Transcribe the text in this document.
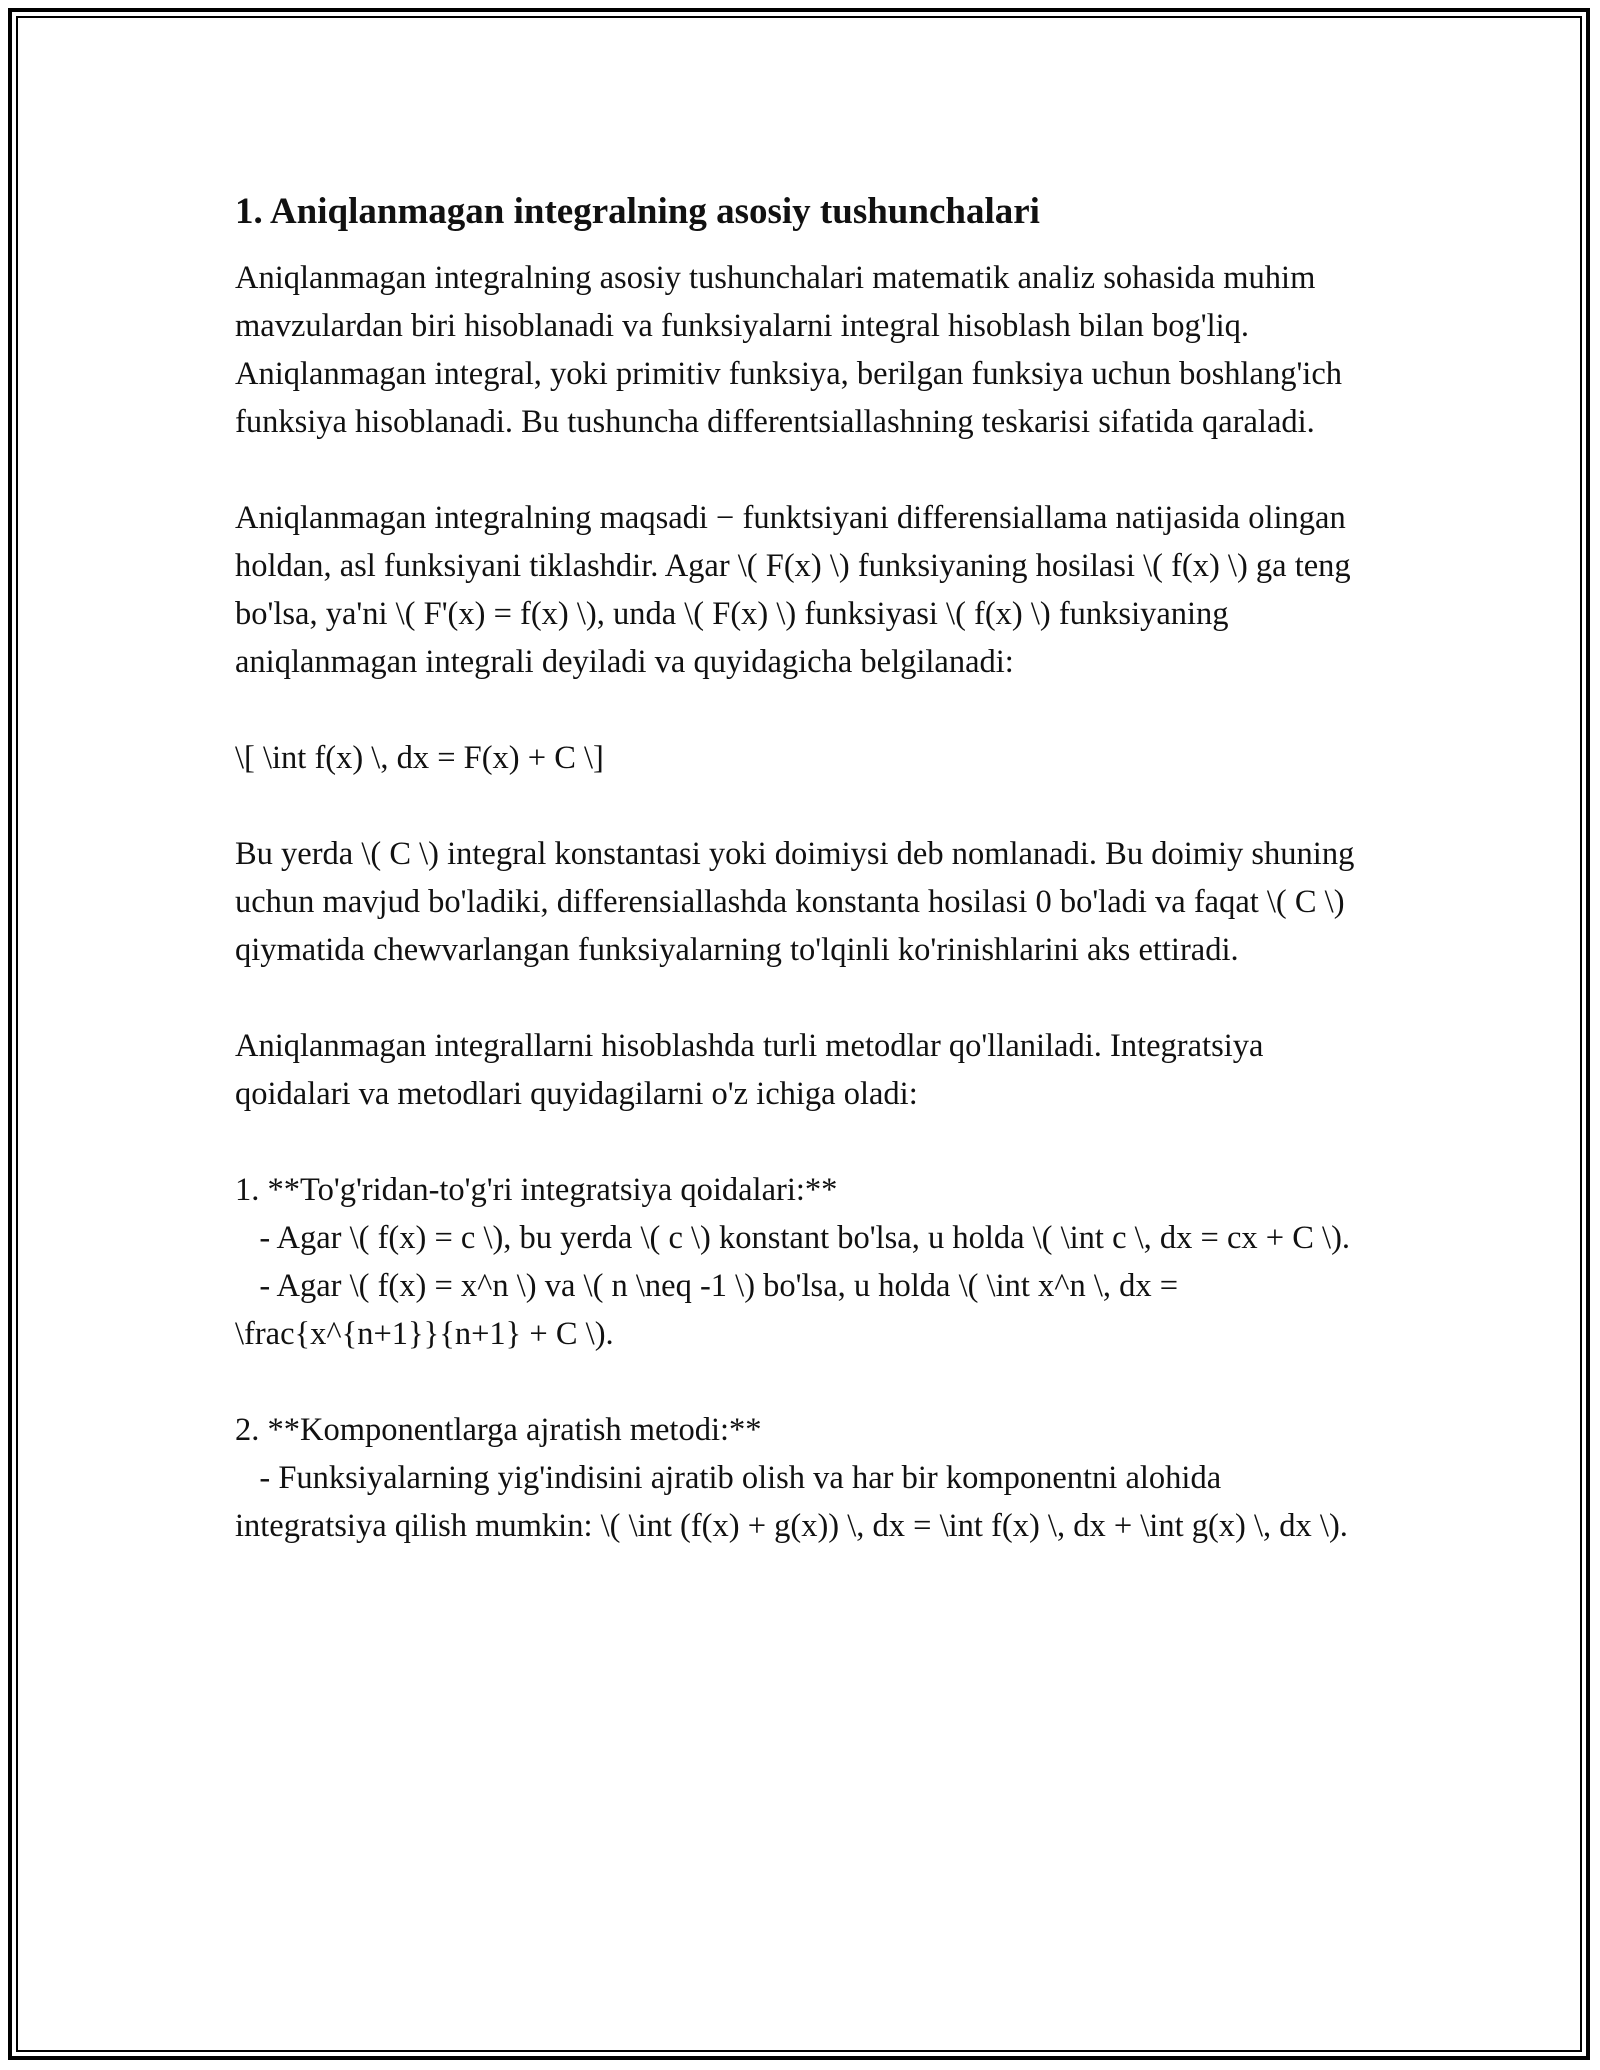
1. Aniqlanmagan integralning asosiy tushunchalari

Aniqlanmagan integralning asosiy tushunchalari matematik analiz sohasida muhim mavzulardan biri hisoblanadi va funksiyalarni integral hisoblash bilan bog'liq. Aniqlanmagan integral, yoki primitiv funksiya, berilgan funksiya uchun boshlang'ich funksiya hisoblanadi. Bu tushuncha differentsiallashning teskarisi sifatida qaraladi.

Aniqlanmagan integralning maqsadi − funktsiyani differensiallama natijasida olingan holdan, asl funksiyani tiklashdir. Agar \( F(x) \) funksiyaning hosilasi \( f(x) \) ga teng bo'lsa, ya'ni \( F'(x) = f(x) \), unda \( F(x) \) funksiyasi \( f(x) \) funksiyaning aniqlanmagan integrali deyiladi va quyidagicha belgilanadi:

\[ \int f(x) \, dx = F(x) + C \]

Bu yerda \( C \) integral konstantasi yoki doimiysi deb nomlanadi. Bu doimiy shuning uchun mavjud bo'ladiki, differensiallashda konstanta hosilasi 0 bo'ladi va faqat \( C \) qiymatida chewvarlangan funksiyalarning to'lqinli ko'rinishlarini aks ettiradi.

Aniqlanmagan integrallarni hisoblashda turli metodlar qo'llaniladi. Integratsiya qoidalari va metodlari quyidagilarni o'z ichiga oladi:

1. **To'g'ridan-to'g'ri integratsiya qoidalari:**
- Agar \( f(x) = c \), bu yerda \( c \) konstant bo'lsa, u holda \( \int c \, dx = cx + C \).
- Agar \( f(x) = x^n \) va \( n \neq -1 \) bo'lsa, u holda \( \int x^n \, dx = \frac{x^{n+1}}{n+1} + C \).

2. **Komponentlarga ajratish metodi:**
- Funksiyalarning yig'indisini ajratib olish va har bir komponentni alohida integratsiya qilish mumkin: \( \int (f(x) + g(x)) \, dx = \int f(x) \, dx + \int g(x) \, dx \).
